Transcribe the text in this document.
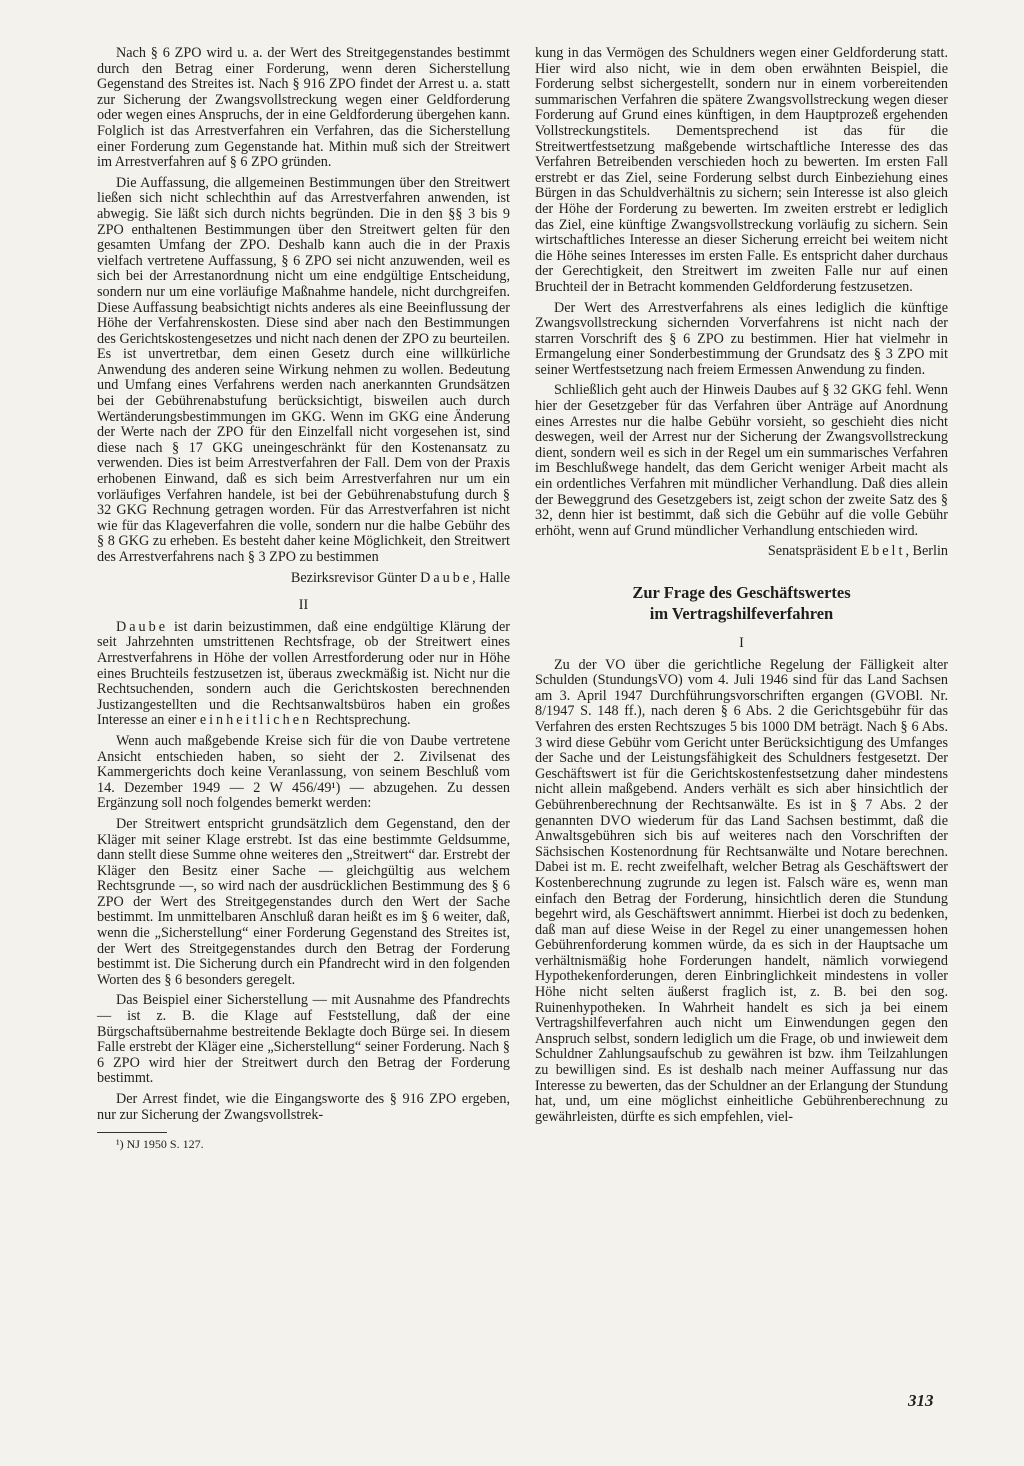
Nach § 6 ZPO wird u. a. der Wert des Streitgegenstandes bestimmt durch den Betrag einer Forderung, wenn deren Sicherstellung Gegenstand des Streites ist. Nach § 916 ZPO findet der Arrest u. a. statt zur Sicherung der Zwangsvollstreckung wegen einer Geldforderung oder wegen eines Anspruchs, der in eine Geldforderung übergehen kann. Folglich ist das Arrestverfahren ein Verfahren, das die Sicherstellung einer Forderung zum Gegenstande hat. Mithin muß sich der Streitwert im Arrestverfahren auf § 6 ZPO gründen.

Die Auffassung, die allgemeinen Bestimmungen über den Streitwert ließen sich nicht schlechthin auf das Arrestverfahren anwenden, ist abwegig. Sie läßt sich durch nichts begründen. Die in den §§ 3 bis 9 ZPO enthaltenen Bestimmungen über den Streitwert gelten für den gesamten Umfang der ZPO. Deshalb kann auch die in der Praxis vielfach vertretene Auffassung, § 6 ZPO sei nicht anzuwenden, weil es sich bei der Arrestanordnung nicht um eine endgültige Entscheidung, sondern nur um eine vorläufige Maßnahme handele, nicht durchgreifen. Diese Auffassung beabsichtigt nichts anderes als eine Beeinflussung der Höhe der Verfahrenskosten. Diese sind aber nach den Bestimmungen des Gerichtskostengesetzes und nicht nach denen der ZPO zu beurteilen. Es ist unvertretbar, dem einen Gesetz durch eine willkürliche Anwendung des anderen seine Wirkung nehmen zu wollen. Bedeutung und Umfang eines Verfahrens werden nach anerkannten Grundsätzen bei der Gebührenabstufung berücksichtigt, bisweilen auch durch Wertänderungsbestimmungen im GKG. Wenn im GKG eine Änderung der Werte nach der ZPO für den Einzelfall nicht vorgesehen ist, sind diese nach § 17 GKG uneingeschränkt für den Kostenansatz zu verwenden. Dies ist beim Arrestverfahren der Fall. Dem von der Praxis erhobenen Einwand, daß es sich beim Arrestverfahren nur um ein vorläufiges Verfahren handele, ist bei der Gebührenabstufung durch § 32 GKG Rechnung getragen worden. Für das Arrestverfahren ist nicht wie für das Klageverfahren die volle, sondern nur die halbe Gebühr des § 8 GKG zu erheben. Es besteht daher keine Möglichkeit, den Streitwert des Arrestverfahrens nach § 3 ZPO zu bestimmen

Bezirksrevisor Günter Daube, Halle
II

Daube ist darin beizustimmen, daß eine endgültige Klärung der seit Jahrzehnten umstrittenen Rechtsfrage, ob der Streitwert eines Arrestverfahrens in Höhe der vollen Arrestforderung oder nur in Höhe eines Bruchteils festzusetzen ist, überaus zweckmäßig ist. Nicht nur die Rechtsuchenden, sondern auch die Gerichtskosten berechnenden Justizangestellten und die Rechtsanwaltsbüros haben ein großes Interesse an einer einheitlichen Rechtsprechung.

Wenn auch maßgebende Kreise sich für die von Daube vertretene Ansicht entschieden haben, so sieht der 2. Zivilsenat des Kammergerichts doch keine Veranlassung, von seinem Beschluß vom 14. Dezember 1949 — 2 W 456/49¹) — abzugehen. Zu dessen Ergänzung soll noch folgendes bemerkt werden:

Der Streitwert entspricht grundsätzlich dem Gegenstand, den der Kläger mit seiner Klage erstrebt. Ist das eine bestimmte Geldsumme, dann stellt diese Summe ohne weiteres den „Streitwert“ dar. Erstrebt der Kläger den Besitz einer Sache — gleichgültig aus welchem Rechtsgrunde —, so wird nach der ausdrücklichen Bestimmung des § 6 ZPO der Wert des Streitgegenstandes durch den Wert der Sache bestimmt. Im unmittelbaren Anschluß daran heißt es im § 6 weiter, daß, wenn die „Sicherstellung“ einer Forderung Gegenstand des Streites ist, der Wert des Streitgegenstandes durch den Betrag der Forderung bestimmt ist. Die Sicherung durch ein Pfandrecht wird in den folgenden Worten des § 6 besonders geregelt.

Das Beispiel einer Sicherstellung — mit Ausnahme des Pfandrechts — ist z. B. die Klage auf Feststellung, daß der eine Bürgschaftsübernahme bestreitende Beklagte doch Bürge sei. In diesem Falle erstrebt der Kläger eine „Sicherstellung“ seiner Forderung. Nach § 6 ZPO wird hier der Streitwert durch den Betrag der Forderung bestimmt.

Der Arrest findet, wie die Eingangsworte des § 916 ZPO ergeben, nur zur Sicherung der Zwangsvollstrek-

¹) NJ 1950 S. 127.

kung in das Vermögen des Schuldners wegen einer Geldforderung statt. Hier wird also nicht, wie in dem oben erwähnten Beispiel, die Forderung selbst sichergestellt, sondern nur in einem vorbereitenden summarischen Verfahren die spätere Zwangsvollstreckung wegen dieser Forderung auf Grund eines künftigen, in dem Hauptprozeß ergehenden Vollstreckungstitels. Dementsprechend ist das für die Streitwertfestsetzung maßgebende wirtschaftliche Interesse des das Verfahren Betreibenden verschieden hoch zu bewerten. Im ersten Fall erstrebt er das Ziel, seine Forderung selbst durch Einbeziehung eines Bürgen in das Schuldverhältnis zu sichern; sein Interesse ist also gleich der Höhe der Forderung zu bewerten. Im zweiten erstrebt er lediglich das Ziel, eine künftige Zwangsvollstreckung vorläufig zu sichern. Sein wirtschaftliches Interesse an dieser Sicherung erreicht bei weitem nicht die Höhe seines Interesses im ersten Falle. Es entspricht daher durchaus der Gerechtigkeit, den Streitwert im zweiten Falle nur auf einen Bruchteil der in Betracht kommenden Geldforderung festzusetzen.

Der Wert des Arrestverfahrens als eines lediglich die künftige Zwangsvollstreckung sichernden Vorverfahrens ist nicht nach der starren Vorschrift des § 6 ZPO zu bestimmen. Hier hat vielmehr in Ermangelung einer Sonderbestimmung der Grundsatz des § 3 ZPO mit seiner Wertfestsetzung nach freiem Ermessen Anwendung zu finden.

Schließlich geht auch der Hinweis Daubes auf § 32 GKG fehl. Wenn hier der Gesetzgeber für das Verfahren über Anträge auf Anordnung eines Arrestes nur die halbe Gebühr vorsieht, so geschieht dies nicht deswegen, weil der Arrest nur der Sicherung der Zwangsvollstreckung dient, sondern weil es sich in der Regel um ein summarisches Verfahren im Beschlußwege handelt, das dem Gericht weniger Arbeit macht als ein ordentliches Verfahren mit mündlicher Verhandlung. Daß dies allein der Beweggrund des Gesetzgebers ist, zeigt schon der zweite Satz des § 32, denn hier ist bestimmt, daß sich die Gebühr auf die volle Gebühr erhöht, wenn auf Grund mündlicher Verhandlung entschieden wird.

Senatspräsident Ebelt, Berlin
Zur Frage des Geschäftswertes
im Vertragshilfeverfahren
I

Zu der VO über die gerichtliche Regelung der Fälligkeit alter Schulden (StundungsVO) vom 4. Juli 1946 sind für das Land Sachsen am 3. April 1947 Durchführungsvorschriften ergangen (GVOBl. Nr. 8/1947 S. 148 ff.), nach deren § 6 Abs. 2 die Gerichtsgebühr für das Verfahren des ersten Rechtszuges 5 bis 1000 DM beträgt. Nach § 6 Abs. 3 wird diese Gebühr vom Gericht unter Berücksichtigung des Umfanges der Sache und der Leistungsfähigkeit des Schuldners festgesetzt. Der Geschäftswert ist für die Gerichtskostenfestsetzung daher mindestens nicht allein maßgebend. Anders verhält es sich aber hinsichtlich der Gebührenberechnung der Rechtsanwälte. Es ist in § 7 Abs. 2 der genannten DVO wiederum für das Land Sachsen bestimmt, daß die Anwaltsgebühren sich bis auf weiteres nach den Vorschriften der Sächsischen Kostenordnung für Rechtsanwälte und Notare berechnen. Dabei ist m. E. recht zweifelhaft, welcher Betrag als Geschäftswert der Kostenberechnung zugrunde zu legen ist. Falsch wäre es, wenn man einfach den Betrag der Forderung, hinsichtlich deren die Stundung begehrt wird, als Geschäftswert annimmt. Hierbei ist doch zu bedenken, daß man auf diese Weise in der Regel zu einer unangemessen hohen Gebührenforderung kommen würde, da es sich in der Hauptsache um verhältnismäßig hohe Forderungen handelt, nämlich vorwiegend Hypothekenforderungen, deren Einbringlichkeit mindestens in voller Höhe nicht selten äußerst fraglich ist, z. B. bei den sog. Ruinenhypotheken. In Wahrheit handelt es sich ja bei einem Vertragshilfeverfahren auch nicht um Einwendungen gegen den Anspruch selbst, sondern lediglich um die Frage, ob und inwieweit dem Schuldner Zahlungsaufschub zu gewähren ist bzw. ihm Teilzahlungen zu bewilligen sind. Es ist deshalb nach meiner Auffassung nur das Interesse zu bewerten, das der Schuldner an der Erlangung der Stundung hat, und, um eine möglichst einheitliche Gebührenberechnung zu gewährleisten, dürfte es sich empfehlen, viel-

313
